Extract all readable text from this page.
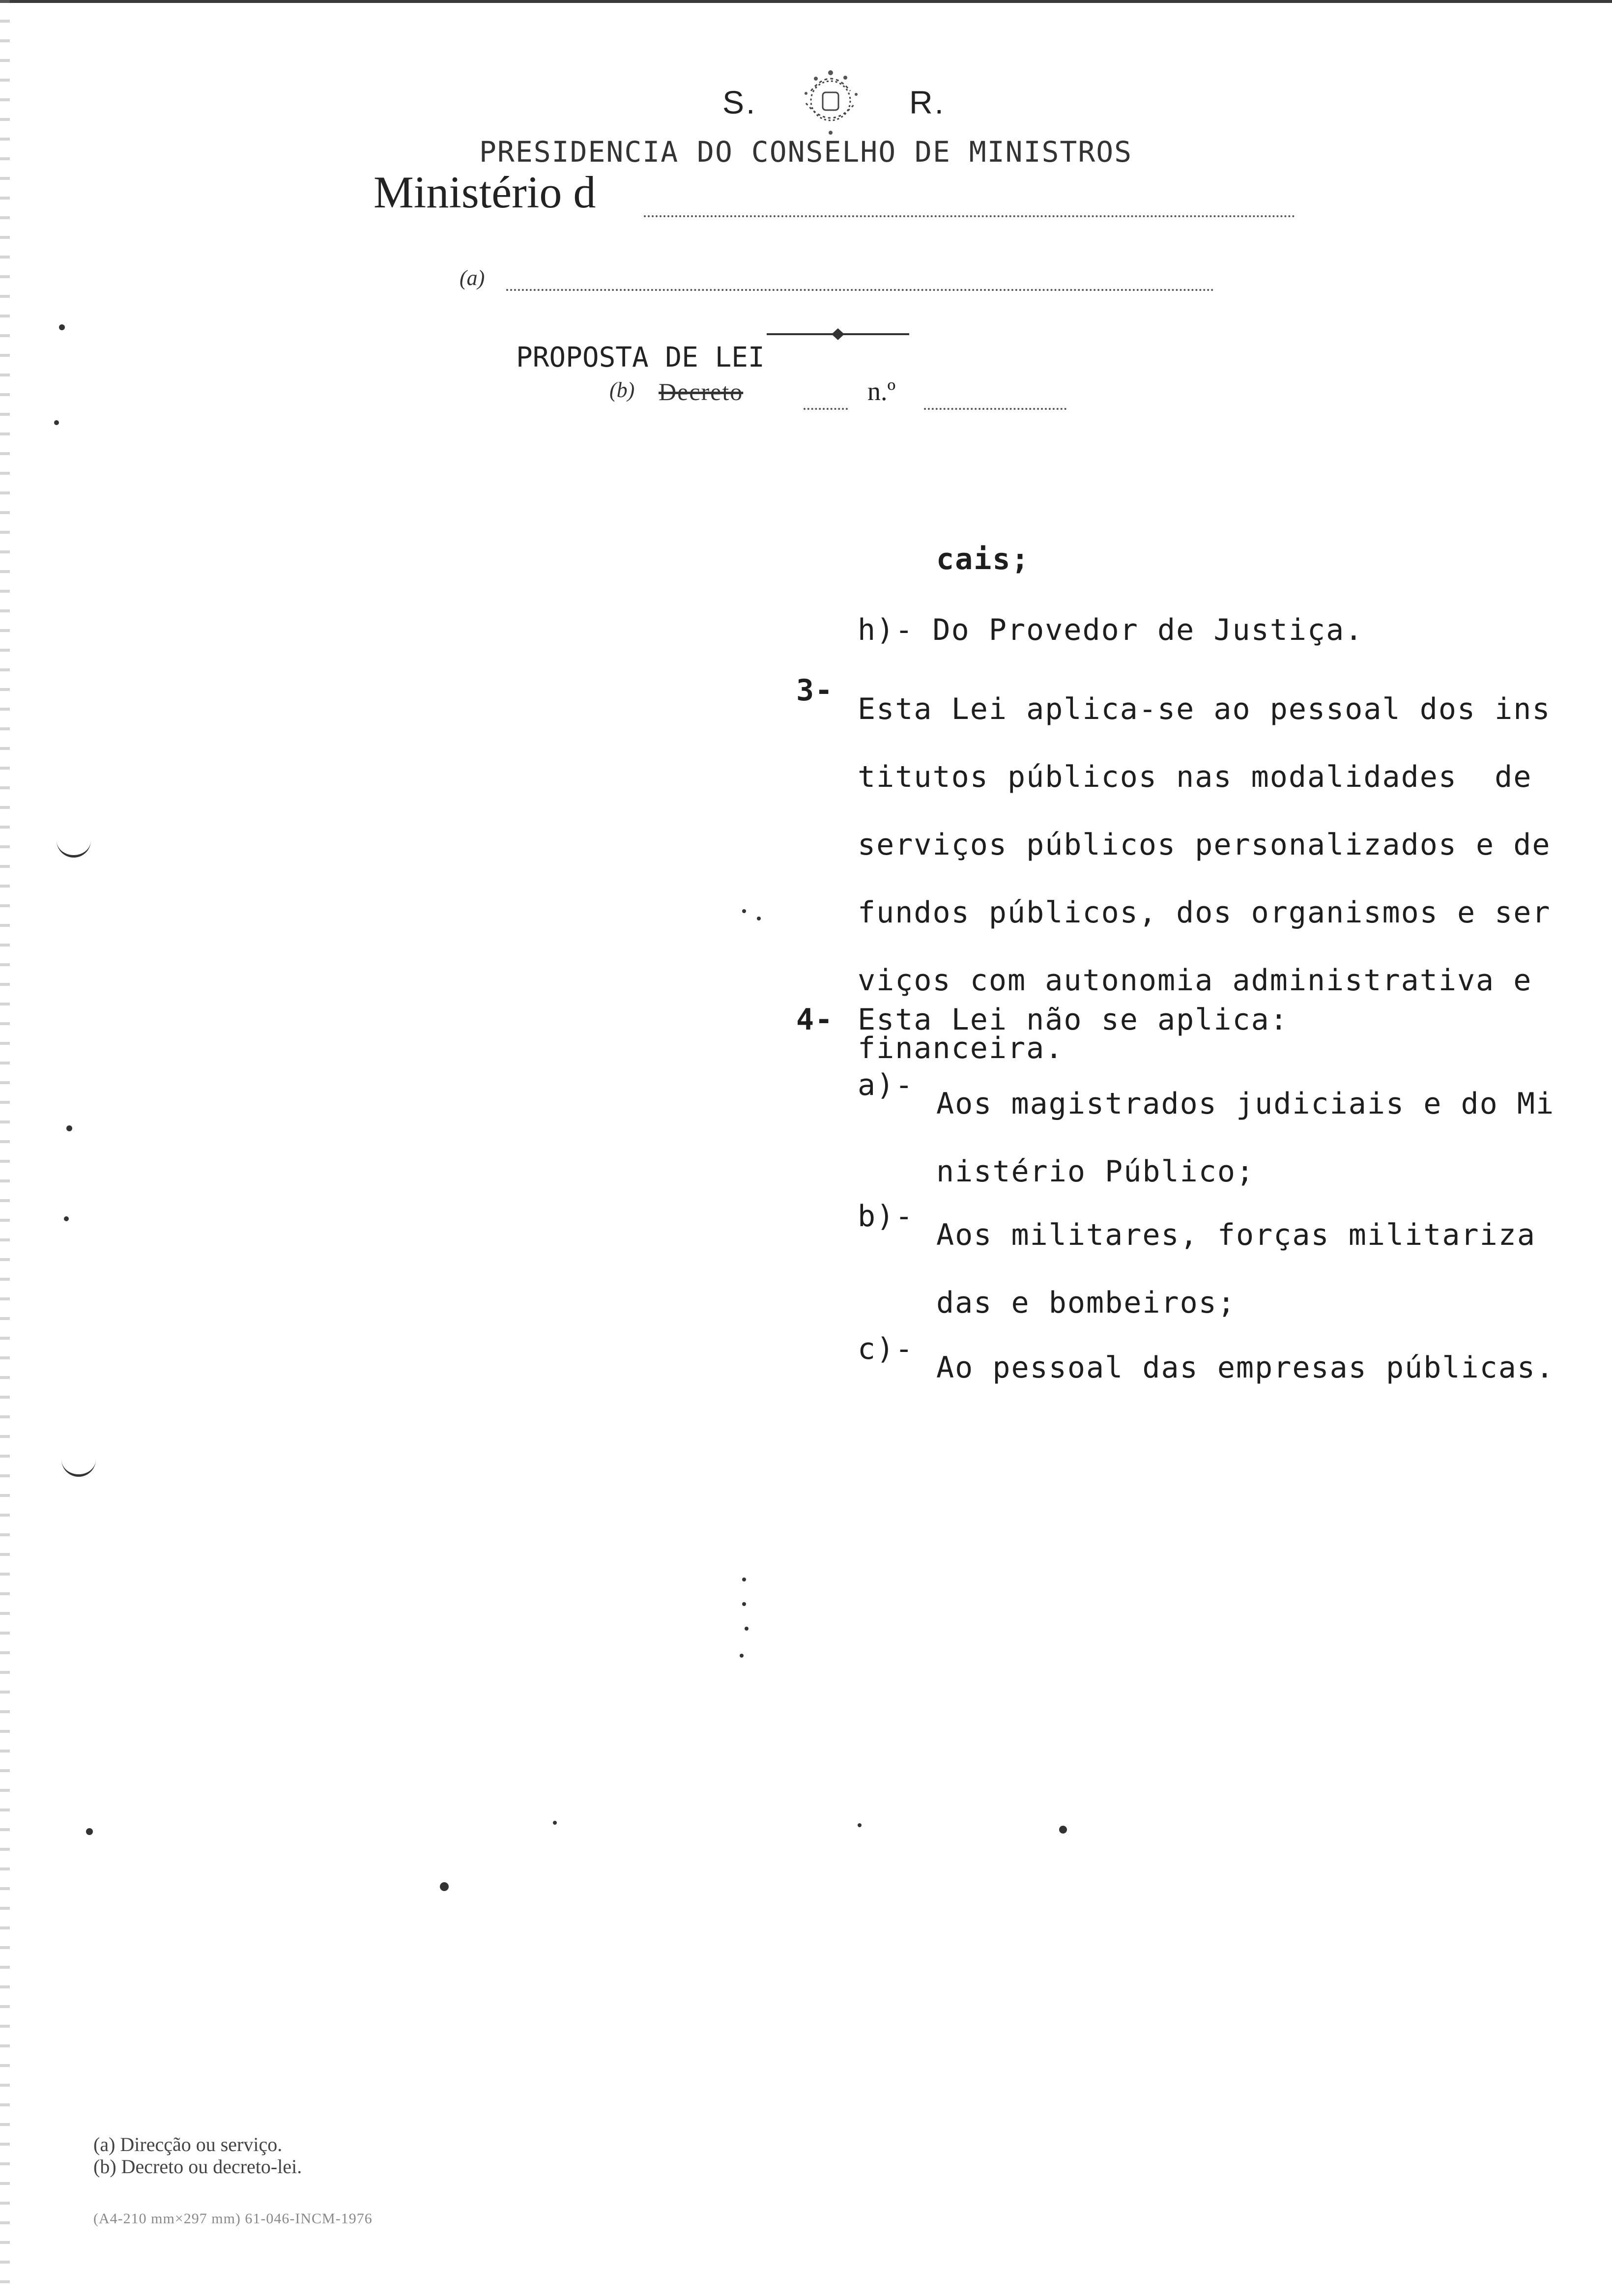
S.	R.
PRESIDENCIA DO CONSELHO DE MINISTROS
Ministério d
(a)
PROPOSTA DE LEI
(b) Decreto	n.º
cais;
h)- Do Provedor de Justiça.
3-

Esta Lei aplica-se ao pessoal dos ins

titutos públicos nas modalidades  de

serviços públicos personalizados e de

fundos públicos, dos organismos e ser

viços com autonomia administrativa e

financeira.

4- Esta Lei não se aplica:
a)-

Aos magistrados judiciais e do Mi

nistério Público;

b)-

Aos militares, forças militariza

das e bombeiros;

c)-

Ao pessoal das empresas públicas.

(a) Direcção ou serviço.
(b) Decreto ou decreto-lei.
(A4-210 mm×297 mm) 61-046-INCM-1976
